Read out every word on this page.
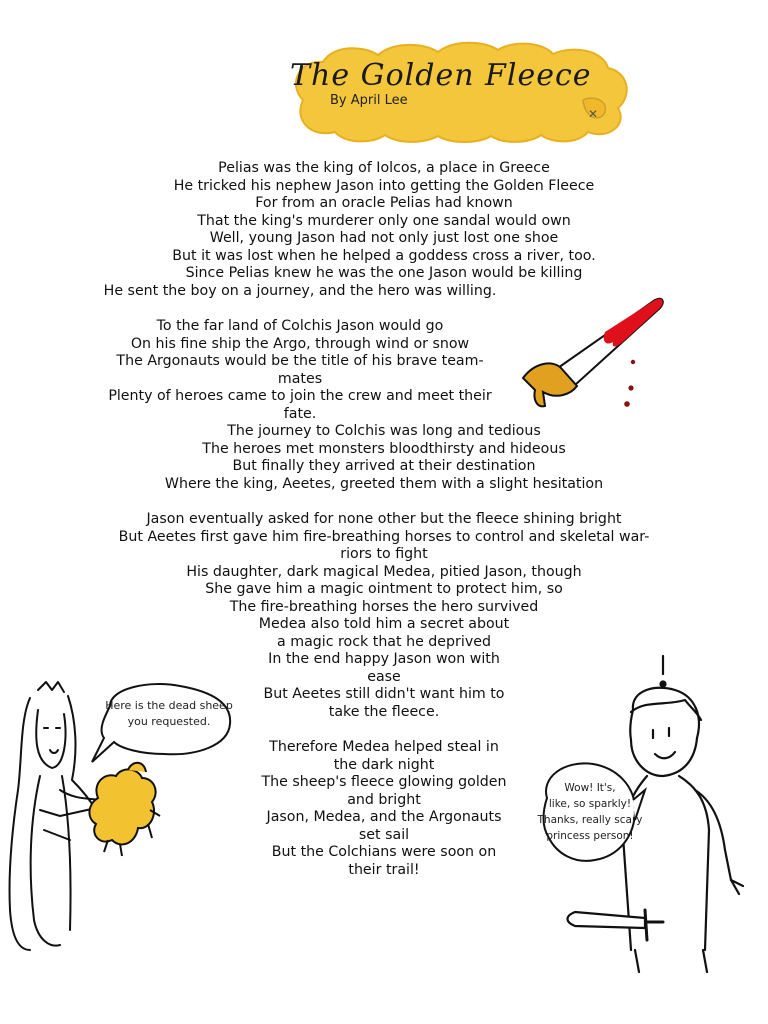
✕
The Golden Fleece
By April Lee
Pelias was the king of Iolcos, a place in Greece
He tricked his nephew Jason into getting the Golden Fleece
For from an oracle Pelias had known
That the king's murderer only one sandal would own
Well, young Jason had not only just lost one shoe
But it was lost when he helped a goddess cross a river, too.
Since Pelias knew he was the one Jason would be killing
He sent the boy on a journey, and the hero was willing.
To the far land of Colchis Jason would go
On his fine ship the Argo, through wind or snow
The Argonauts would be the title of his brave team-
mates
Plenty of heroes came to join the crew and meet their
fate.
The journey to Colchis was long and tedious
The heroes met monsters bloodthirsty and hideous
But finally they arrived at their destination
Where the king, Aeetes, greeted them with a slight hesitation
Jason eventually asked for none other but the fleece shining bright
But Aeetes first gave him fire-breathing horses to control and skeletal war-
riors to fight
His daughter, dark magical Medea, pitied Jason, though
She gave him a magic ointment to protect him, so
The fire-breathing horses the hero survived
Medea also told him a secret about
a magic rock that he deprived
In the end happy Jason won with
ease
But Aeetes still didn't want him to
take the fleece.
Therefore Medea helped steal in
the dark night
The sheep's fleece glowing golden
and bright
Jason, Medea, and the Argonauts
set sail
But the Colchians were soon on
their trail!
Here is the dead sheep
you requested.
Wow! It's,
like, so sparkly!
Thanks, really scary
princess person!
